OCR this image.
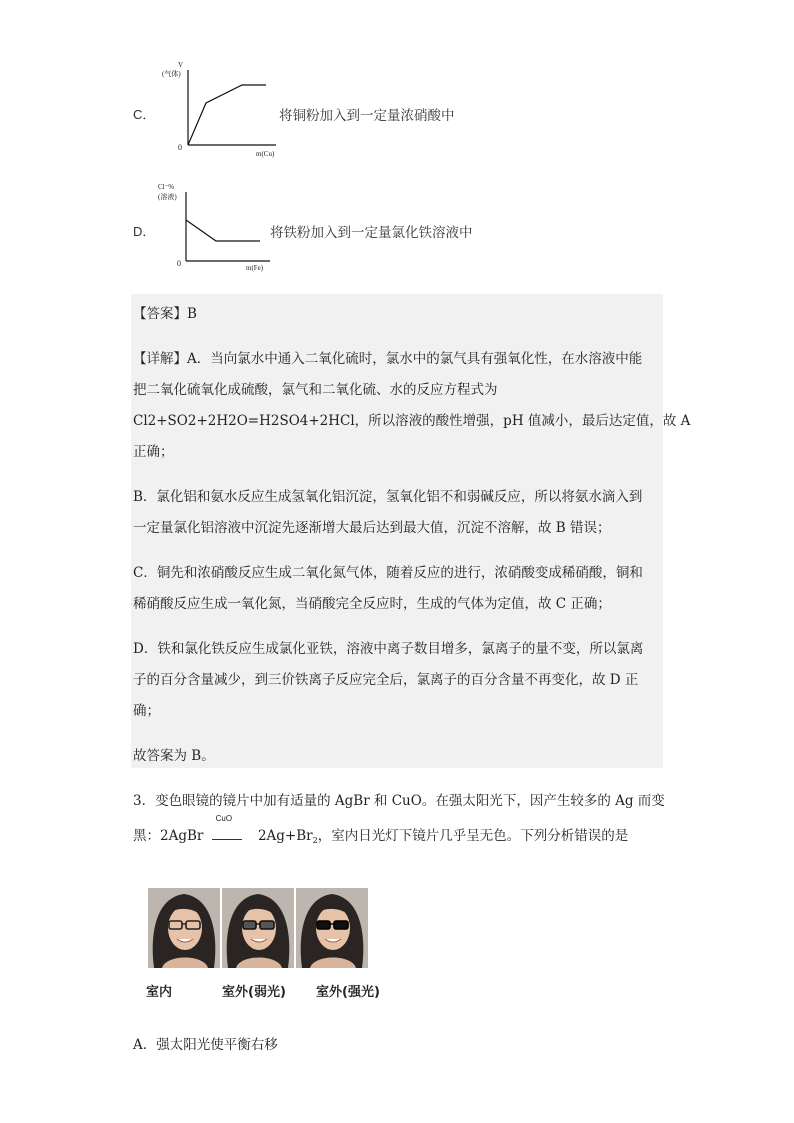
C．
V
(气体)
0
m(Cu)
将铜粉加入到一定量浓硝酸中
D．
Cl⁻%
(溶液)
0	m(Fe)
将铁粉加入到一定量氯化铁溶液中
【答案】B
【详解】A．当向氯水中通入二氧化硫时，氯水中的氯气具有强氧化性，在水溶液中能
把二氧化硫氧化成硫酸，氯气和二氧化硫、水的反应方程式为
Cl2+SO2+2H2O=H2SO4+2HCl，所以溶液的酸性增强，pH 值减小，最后达定值，故 A
正确；
B．氯化铝和氨水反应生成氢氧化铝沉淀，氢氧化铝不和弱碱反应，所以将氨水滴入到
一定量氯化铝溶液中沉淀先逐渐增大最后达到最大值，沉淀不溶解，故 B 错误；
C．铜先和浓硝酸反应生成二氧化氮气体，随着反应的进行，浓硝酸变成稀硝酸，铜和
稀硝酸反应生成一氧化氮，当硝酸完全反应时，生成的气体为定值，故 C 正确；
D．铁和氯化铁反应生成氯化亚铁，溶液中离子数目增多，氯离子的量不变，所以氯离
子的百分含量减少，到三价铁离子反应完全后，氯离子的百分含量不再变化，故 D 正
确；
故答案为 B。
3．变色眼镜的镜片中加有适量的 AgBr 和 CuO。在强太阳光下，因产生较多的 Ag 而变
黑：2AgBr
CuO
$2Ag+Br_2$，室内日光灯下镜片几乎呈无色。下列分析错误的是
室内	室外(弱光) 室外(强光)
A．强太阳光使平衡右移
